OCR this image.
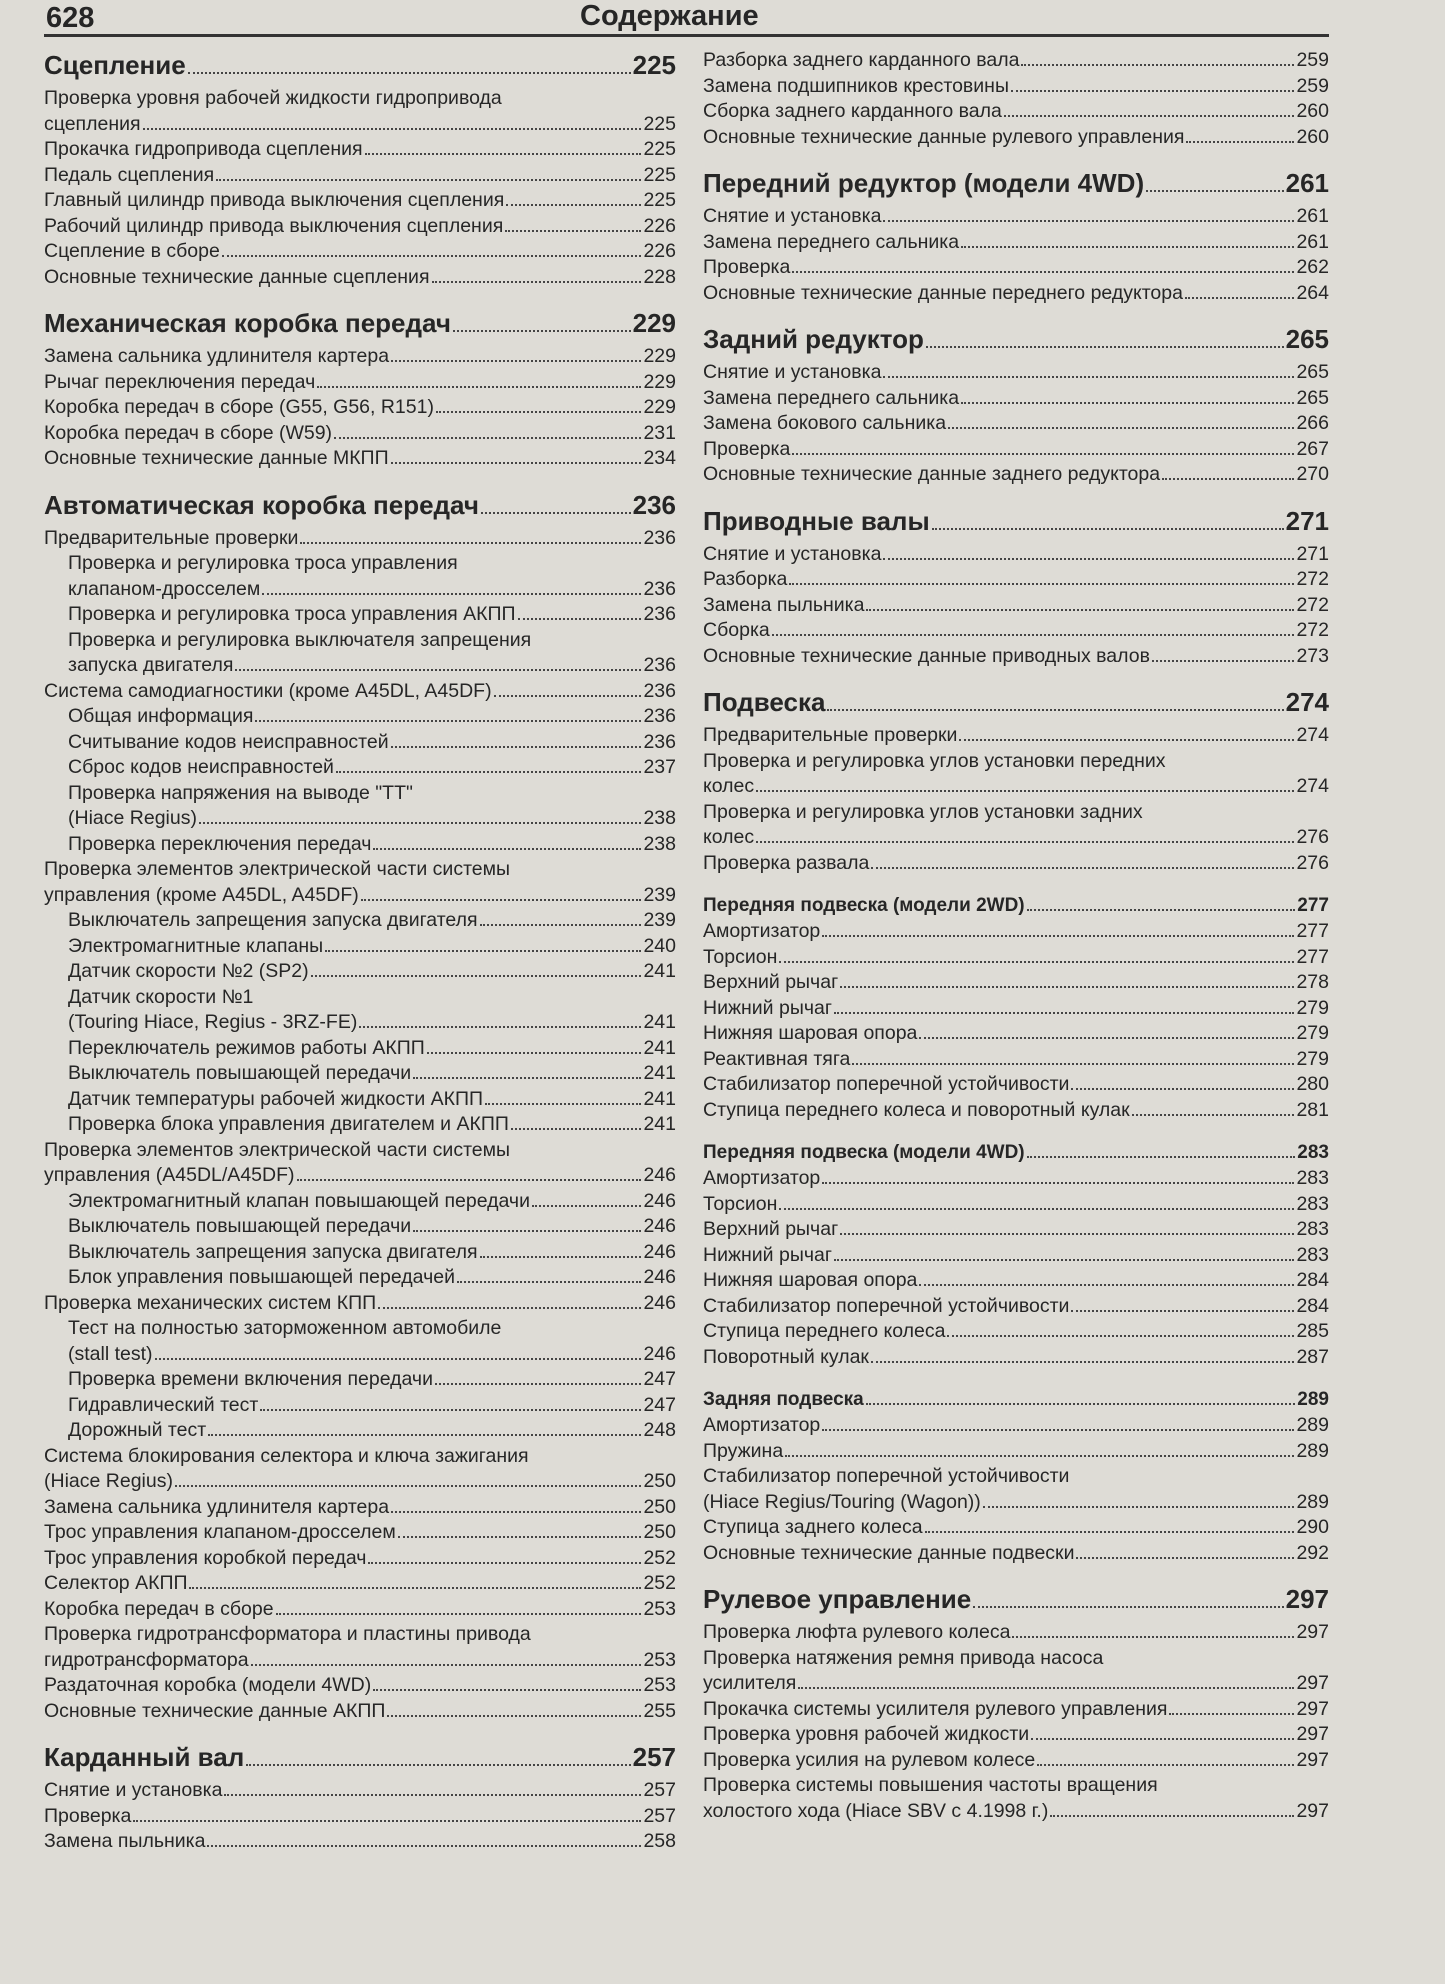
628	Содержание
Сцепление	225
Проверка уровня рабочей жидкости гидропривода
сцепления	225
Прокачка гидропривода сцепления	225
Педаль сцепления	225
Главный цилиндр привода выключения сцепления	225
Рабочий цилиндр привода выключения сцепления	226
Сцепление в сборе	226
Основные технические данные сцепления	228
Механическая коробка передач	229
Замена сальника удлинителя картера	229
Рычаг переключения передач	229
Коробка передач в сборе (G55, G56, R151)	229
Коробка передач в сборе (W59)	231
Основные технические данные МКПП	234
Автоматическая коробка передач	236
Предварительные проверки	236
Проверка и регулировка троса управления
клапаном-дросселем	236
Проверка и регулировка троса управления АКПП	236
Проверка и регулировка выключателя запрещения
запуска двигателя	236
Система самодиагностики (кроме A45DL, A45DF)	236
Общая информация	236
Считывание кодов неисправностей	236
Сброс кодов неисправностей	237
Проверка напряжения на выводе "TT"
(Hiace Regius)	238
Проверка переключения передач	238
Проверка элементов электрической части системы
управления (кроме A45DL, A45DF)	239
Выключатель запрещения запуска двигателя	239
Электромагнитные клапаны	240
Датчик скорости №2 (SP2)	241
Датчик скорости №1
(Touring Hiace, Regius - 3RZ-FE)	241
Переключатель режимов работы АКПП	241
Выключатель повышающей передачи	241
Датчик температуры рабочей жидкости АКПП	241
Проверка блока управления двигателем и АКПП	241
Проверка элементов электрической части системы
управления (A45DL/A45DF)	246
Электромагнитный клапан повышающей передачи	246
Выключатель повышающей передачи	246
Выключатель запрещения запуска двигателя	246
Блок управления повышающей передачей	246
Проверка механических систем КПП	246
Тест на полностью заторможенном автомобиле
(stall test)	246
Проверка времени включения передачи	247
Гидравлический тест	247
Дорожный тест	248
Система блокирования селектора и ключа зажигания
(Hiace Regius)	250
Замена сальника удлинителя картера	250
Трос управления клапаном-дросселем	250
Трос управления коробкой передач	252
Селектор АКПП	252
Коробка передач в сборе	253
Проверка гидротрансформатора и пластины привода
гидротрансформатора	253
Раздаточная коробка (модели 4WD)	253
Основные технические данные АКПП	255
Карданный вал	257
Снятие и установка	257
Проверка	257
Замена пыльника	258
Разборка заднего карданного вала	259
Замена подшипников крестовины	259
Сборка заднего карданного вала	260
Основные технические данные рулевого управления	260
Передний редуктор (модели 4WD)	261
Снятие и установка	261
Замена переднего сальника	261
Проверка	262
Основные технические данные переднего редуктора	264
Задний редуктор	265
Снятие и установка	265
Замена переднего сальника	265
Замена бокового сальника	266
Проверка	267
Основные технические данные заднего редуктора	270
Приводные валы	271
Снятие и установка	271
Разборка	272
Замена пыльника	272
Сборка	272
Основные технические данные приводных валов	273
Подвеска	274
Предварительные проверки	274
Проверка и регулировка углов установки передних
колес	274
Проверка и регулировка углов установки задних
колес	276
Проверка развала	276
Передняя подвеска (модели 2WD)	277
Амортизатор	277
Торсион	277
Верхний рычаг	278
Нижний рычаг	279
Нижняя шаровая опора	279
Реактивная тяга	279
Стабилизатор поперечной устойчивости	280
Ступица переднего колеса и поворотный кулак	281
Передняя подвеска (модели 4WD)	283
Амортизатор	283
Торсион	283
Верхний рычаг	283
Нижний рычаг	283
Нижняя шаровая опора	284
Стабилизатор поперечной устойчивости	284
Ступица переднего колеса	285
Поворотный кулак	287
Задняя подвеска	289
Амортизатор	289
Пружина	289
Стабилизатор поперечной устойчивости
(Hiace Regius/Touring (Wagon))	289
Ступица заднего колеса	290
Основные технические данные подвески	292
Рулевое управление	297
Проверка люфта рулевого колеса	297
Проверка натяжения ремня привода насоса
усилителя	297
Прокачка системы усилителя рулевого управления	297
Проверка уровня рабочей жидкости	297
Проверка усилия на рулевом колесе	297
Проверка системы повышения частоты вращения
холостого хода (Hiace SBV с 4.1998 г.)	297
